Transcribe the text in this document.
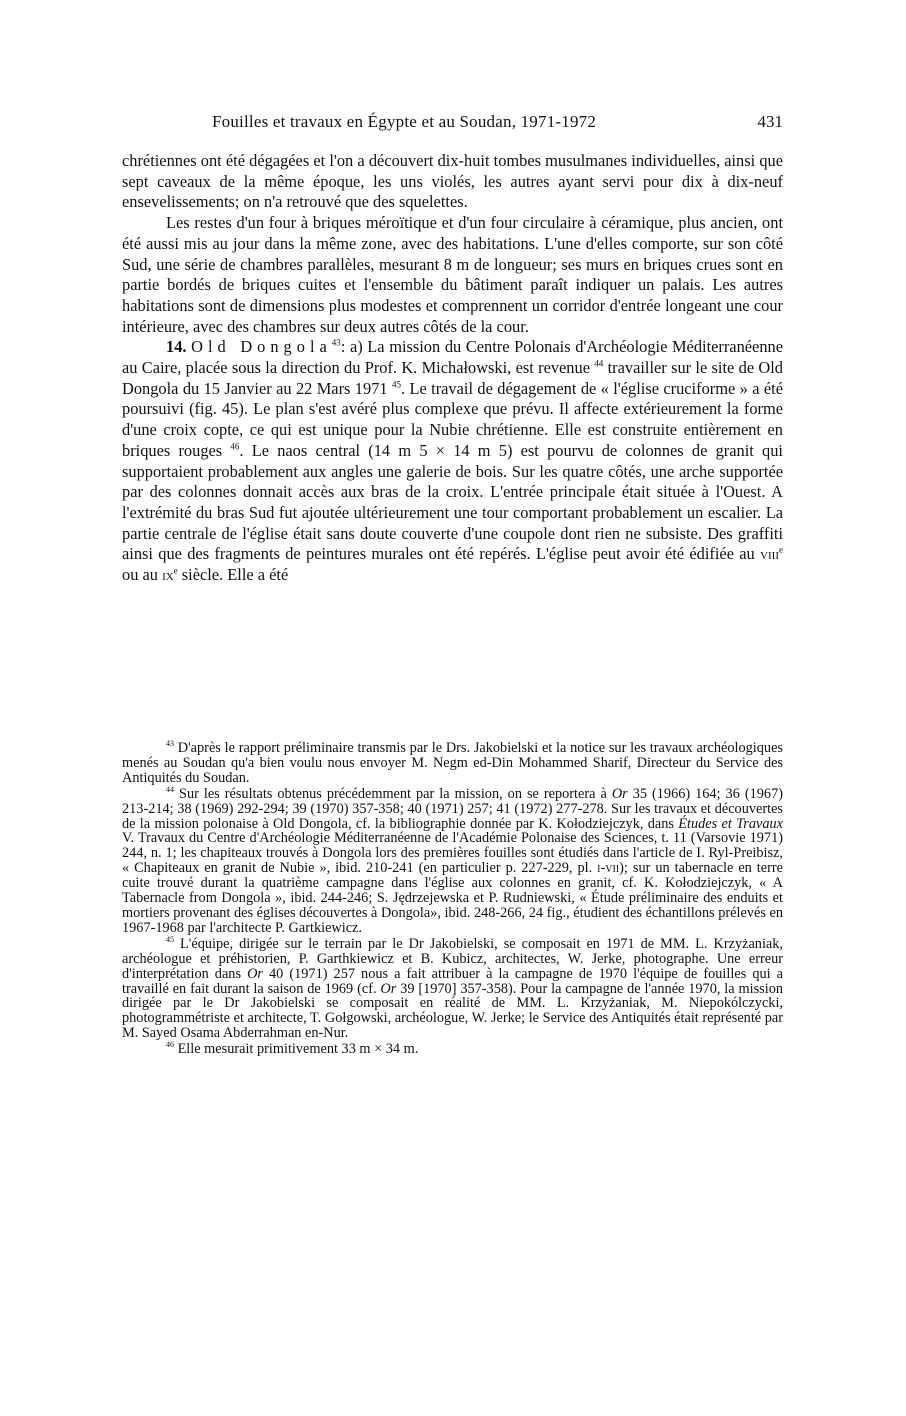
Fouilles et travaux en Égypte et au Soudan, 1971-1972	431

chrétiennes ont été dégagées et l'on a découvert dix-huit tombes musulmanes individuelles, ainsi que sept caveaux de la même époque, les uns violés, les autres ayant servi pour dix à dix-neuf ensevelissements; on n'a retrouvé que des squelettes.

Les restes d'un four à briques méroïtique et d'un four circulaire à céramique, plus ancien, ont été aussi mis au jour dans la même zone, avec des habitations. L'une d'elles comporte, sur son côté Sud, une série de chambres parallèles, mesurant 8 m de longueur; ses murs en briques crues sont en partie bordés de briques cuites et l'ensemble du bâtiment paraît indiquer un palais. Les autres habitations sont de dimensions plus modestes et comprennent un corridor d'entrée longeant une cour intérieure, avec des chambres sur deux autres côtés de la cour.

14. Old Dongola$^{43}$: a) La mission du Centre Polonais d'Archéologie Méditerranéenne au Caire, placée sous la direction du Prof. K. Michałowski, est revenue $^{44}$ travailler sur le site de Old Dongola du 15 Janvier au 22 Mars 1971 $^{45}$. Le travail de dégagement de « l'église cruciforme » a été poursuivi (fig. 45). Le plan s'est avéré plus complexe que prévu. Il affecte extérieurement la forme d'une croix copte, ce qui est unique pour la Nubie chrétienne. Elle est construite entièrement en briques rouges $^{46}$. Le naos central (14 m 5 × 14 m 5) est pourvu de colonnes de granit qui supportaient probablement aux angles une galerie de bois. Sur les quatre côtés, une arche supportée par des colonnes donnait accès aux bras de la croix. L'entrée principale était située à l'Ouest. A l'extrémité du bras Sud fut ajoutée ultérieurement une tour comportant probablement un escalier. La partie centrale de l'église était sans doute couverte d'une coupole dont rien ne subsiste. Des graffiti ainsi que des fragments de peintures murales ont été repérés. L'église peut avoir été édifiée au viii$^e$ ou au $ix^e$ siècle. Elle a été

$^{43}$ D'après le rapport préliminaire transmis par le Drs. Jakobielski et la notice sur les travaux archéologiques menés au Soudan qu'a bien voulu nous envoyer M. Negm ed-Din Mohammed Sharif, Directeur du Service des Antiquités du Soudan.

$^{44}$ Sur les résultats obtenus précédemment par la mission, on se reportera à Or 35 (1966) 164; 36 (1967) 213-214; 38 (1969) 292-294; 39 (1970) 357-358; 40 (1971) 257; 41 (1972) 277-278. Sur les travaux et découvertes de la mission polonaise à Old Dongola, cf. la bibliographie donnée par K. Kołodziejczyk, dans Études et Travaux V. Travaux du Centre d'Archéologie Méditerranéenne de l'Académie Polonaise des Sciences, t. 11 (Varsovie 1971) 244, n. 1; les chapiteaux trouvés à Dongola lors des premières fouilles sont étudiés dans l'article de I. Ryl-Preibisz, « Chapiteaux en granit de Nubie », ibid. 210-241 (en particulier p. 227-229, pl. i-vii); sur un tabernacle en terre cuite trouvé durant la quatrième campagne dans l'église aux colonnes en granit, cf. K. Kołodziejczyk, « A Tabernacle from Dongola », ibid. 244-246; S. Jędrzejewska et P. Rudniewski, « Étude préliminaire des enduits et mortiers provenant des églises découvertes à Dongola», ibid. 248-266, 24 fig., étudient des échantillons prélevés en 1967-1968 par l'architecte P. Gartkiewicz.

$^{45}$ L'équipe, dirigée sur le terrain par le Dr Jakobielski, se composait en 1971 de MM. L. Krzyżaniak, archéologue et préhistorien, P. Garthkiewicz et B. Kubicz, architectes, W. Jerke, photographe. Une erreur d'interprétation dans Or 40 (1971) 257 nous a fait attribuer à la campagne de 1970 l'équipe de fouilles qui a travaillé en fait durant la saison de 1969 (cf. Or 39 [1970] 357-358). Pour la campagne de l'année 1970, la mission dirigée par le Dr Jakobielski se composait en réalité de MM. L. Krzyżaniak, M. Niepokólczycki, photogrammétriste et architecte, T. Gołgowski, archéologue, W. Jerke; le Service des Antiquités était représenté par M. Sayed Osama Abderrahman en-Nur.

$^{46}$ Elle mesurait primitivement 33 m × 34 m.
